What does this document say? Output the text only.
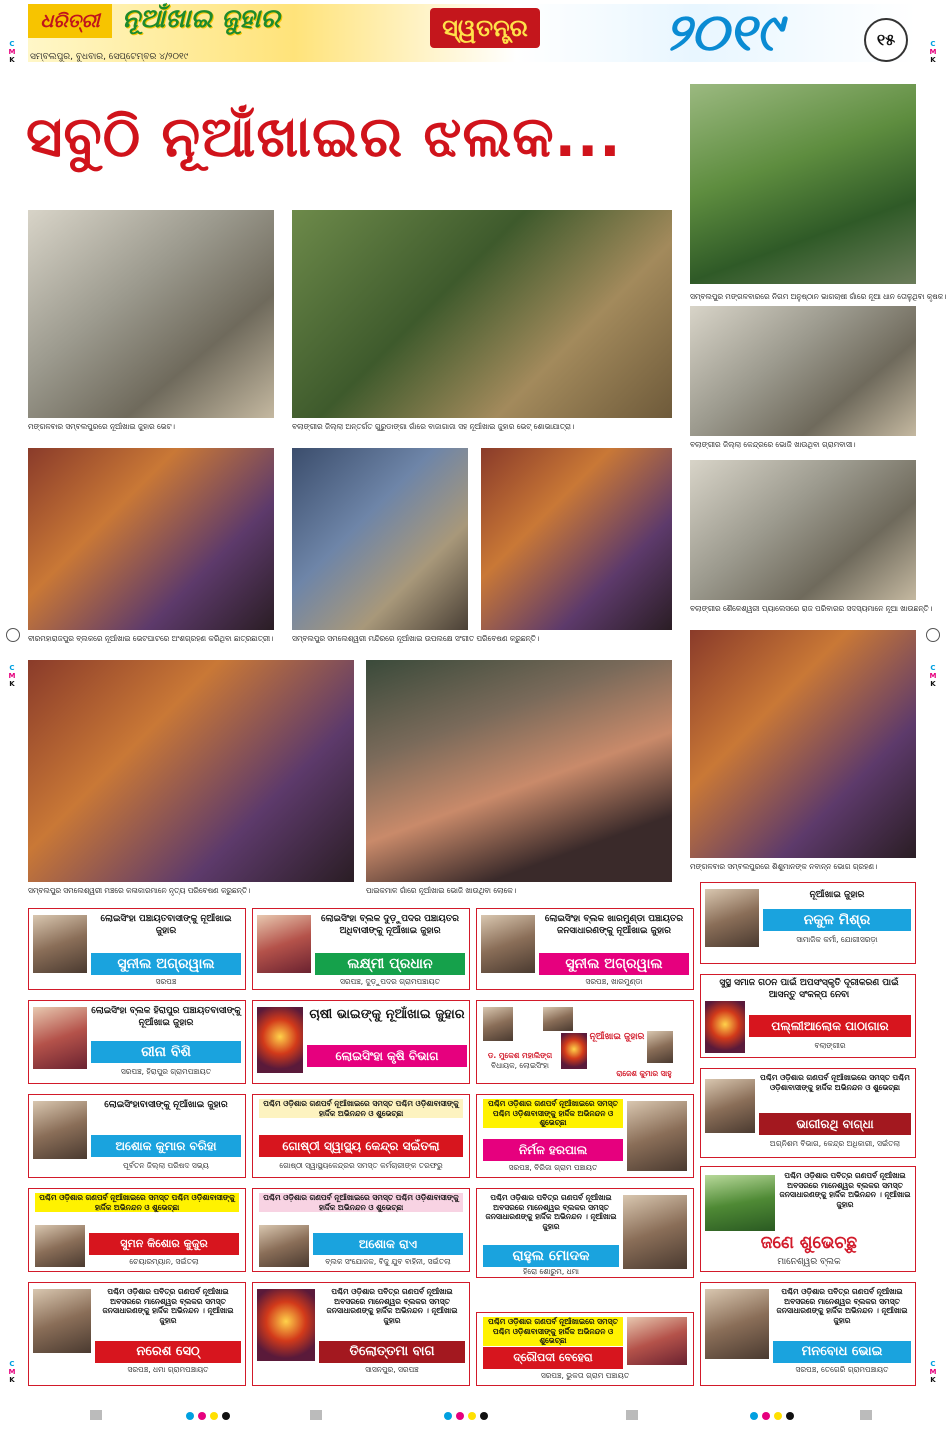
ଧରିତ୍ରୀ ନୂଆଁଖାଇ ଜୁହାର	ସ୍ୱତନ୍ତ୍ର	୨୦୧୯	୧୫
ସମ୍ବଲପୁର, ବୁଧବାର, ସେପ୍ଟେମ୍ବର ୪/୨୦୧୯
ସବୁଠି ନୂଆଁଖାଇର ଝଲକ...
ମଙ୍ଗଳବାର ସମ୍ବଲପୁରରେ ନୂଆଁଖାଇ ଜୁହାର ଭେଟ।	ବଲାଙ୍ଗୀର ଜିଲ୍ଲା ଅନ୍ତର୍ଗତ ଗୁରୁଡାଙ୍ଗା ଗାଁରେ ବାଜାଗାଜା ସହ ନୂଆଁଖାଇ ଜୁହାର ଭେଟ୍ ଶୋଭାଯାତ୍ରା।
ସମ୍ବଲପୁର ମଙ୍ଗଳବାରରେ ନିଗମ ଅନୁଷ୍ଠାନ ଭାଗଚାଷୀ ଗାଁରେ ନୂଆ ଧାନ ତୋଳୁଥିବା କୃଷକ।
ବଲାଙ୍ଗୀର ଜିଲ୍ଲା କେନ୍ଦ୍ରରେ ଭୋଜି ଖାଉଥିବା ଗ୍ରାମବାସୀ।
ବୀରମହାରାଜପୁର ବ୍ଲକରେ ନୂଆଁଖାଇ ଭେଟଘାଟରେ ଅଂଶଗ୍ରହଣ କରିଥିବା ଛାତ୍ରଛାତ୍ରୀ।	ସମ୍ବଲପୁର ସମଲେଶ୍ୱରୀ ମନ୍ଦିରରେ ନୂଆଁଖାଇ ଉପଲକ୍ଷେ ସଂଗୀତ ପରିବେଷଣ କରୁଛନ୍ତି।
ବଲାଙ୍ଗୀର ଶୈଳେଶ୍ୱରୀ ପ୍ୟାଲେସରେ ରାଜ ପରିବାରର ସଦସ୍ୟମାନେ ନୂଆ ଖାଉଛନ୍ତି।
ସମ୍ବଲପୁର ସମଲେଶ୍ୱରୀ ମଞ୍ଚରେ କଳାକାରମାନେ ନୃତ୍ୟ ପରିବେଷଣ କରୁଛନ୍ତି।	ପାଇକମାଳ ଗାଁରେ ନୂଆଁଖାଇ ଭୋଜି ଖାଉଥିବା ଲୋକେ।
ମଙ୍ଗଳବାର ସମ୍ବଲପୁରରେ ଶିଶୁମାନଙ୍କ ନବାନ୍ନ ଭୋଗ ଗ୍ରହଣ।
ଲୋଇସିଂହା ପଞ୍ଚାୟତବାସୀଙ୍କୁ ନୂଆଁଖାଇ ଜୁହାର
ସୁନୀଲ ଅଗ୍ରୱାଲ
ସରପଞ୍ଚ
ଲୋଇସିଂହା ବ୍ଲକ ଦୁଡ଼ୁପଦର ପଞ୍ଚାୟତର ଅଧିବାସୀଙ୍କୁ ନୂଆଁଖାଇ ଜୁହାର
ଲକ୍ଷ୍ମୀ ପ୍ରଧାନ
ସରପଞ୍ଚ, ଦୁଡ଼ୁପଦର ଗ୍ରାମପଞ୍ଚାୟତ
ଲୋଇସିଂହା ବ୍ଲକ ଖାରମୁଣ୍ଡା ପଞ୍ଚାୟତର ଜନସାଧାରଣଙ୍କୁ ନୂଆଁଖାଇ ଜୁହାର
ସୁନୀଲ ଅଗ୍ରୱାଲ
ସରପଞ୍ଚ, ଖାରମୁଣ୍ଡା
ନୂଆଁଖାଇ ଜୁହାର
ନକୁଳ ମିଶ୍ର
ସାମାଜିକ କର୍ମୀ, ଯୋଗୀସରଡ଼ା
ଲୋଇସିଂହା ବ୍ଲକ ହିରାପୁର ପଞ୍ଚାୟତବାସୀଙ୍କୁ ନୂଆଁଖାଇ ଜୁହାର
ରୀନା ବିଶି
ସରପଞ୍ଚ, ହିରାପୁର ଗ୍ରାମପଞ୍ଚାୟତ
ଚାଷୀ ଭାଇଙ୍କୁ ନୂଆଁଖାଇ ଜୁହାର
ଲୋଇସିଂହା କୃଷି ବିଭାଗ
ନୂଆଁଖାଇ ଜୁହାର
ଡ. ମୁକେଶ ମହାଲିଙ୍ଗ
ବିଧାୟକ, ଲୋଇସିଂହା
ରାଜେଶ କୁମାର ସାହୁ
ସୁସ୍ଥ ସମାଜ ଗଠନ ପାଇଁ ଅପସଂସ୍କୃତି ଦୂରୀକରଣ ପାଇଁ ଆସନ୍ତୁ ସଂକଳ୍ପ ନେବା
ପଲ୍ଲୀଆଲୋକ ପାଠାଗାର
ବଲାଙ୍ଗୀର
ଲୋଇସିଂହାବାସୀଙ୍କୁ ନୂଆଁଖାଇ ଜୁହାର
ଅଶୋକ କୁମାର ବରିହା
ପୂର୍ବତନ ଜିଲ୍ଲା ପରିଷଦ ସଭ୍ୟ
ପଶ୍ଚିମ ଓଡ଼ିଶାର ଗଣପର୍ବ ନୂଆଁଖାଇରେ ସମସ୍ତ ପଶ୍ଚିମ ଓଡ଼ିଶାବାସୀଙ୍କୁ ହାର୍ଦ୍ଦିକ ଅଭିନନ୍ଦନ ଓ ଶୁଭେଚ୍ଛା
ଗୋଷ୍ଠୀ ସ୍ୱାସ୍ଥ୍ୟ କେନ୍ଦ୍ର ସଇଁତଲା
ଗୋଷ୍ଠୀ ସ୍ୱାସ୍ଥ୍ୟକେନ୍ଦ୍ରର ସମସ୍ତ କର୍ମଚାରୀଙ୍କ ତରଫରୁ
ପଶ୍ଚିମ ଓଡ଼ିଶାର ଗଣପର୍ବ ନୂଆଁଖାଇରେ ସମସ୍ତ ପଶ୍ଚିମ ଓଡ଼ିଶାବାସୀଙ୍କୁ ହାର୍ଦ୍ଦିକ ଅଭିନନ୍ଦନ ଓ ଶୁଭେଚ୍ଛା
ନିର୍ମଳ ହରପାଲ
ସରପଞ୍ଚ, ବିରିଜା ଗ୍ରାମ ପଞ୍ଚାୟତ
ପଶ୍ଚିମ ଓଡ଼ିଶାର ଗଣପର୍ବ ନୂଆଁଖାଇରେ ସମସ୍ତ ପଶ୍ଚିମ ଓଡ଼ିଶାବାସୀଙ୍କୁ ହାର୍ଦ୍ଦିକ ଅଭିନନ୍ଦନ ଓ ଶୁଭେଚ୍ଛା
ଭାଗୀରଥି ବାଗ୍ଧା
ଅଗ୍ନିଶମ ବିଭାଗ, କେନ୍ଦ୍ର ଅଧିକାରୀ, ସଇଁତଲା
ପଶ୍ଚିମ ଓଡ଼ିଶାର ଗଣପର୍ବ ନୂଆଁଖାଇରେ ସମସ୍ତ ପଶ୍ଚିମ ଓଡ଼ିଶାବାସୀଙ୍କୁ ହାର୍ଦ୍ଦିକ ଅଭିନନ୍ଦନ ଓ ଶୁଭେଚ୍ଛା
ସୁମନ କିଶୋର କୁଜୁର
ଚେୟାରମ୍ୟାନ, ସଇଁତଲା
ପଶ୍ଚିମ ଓଡ଼ିଶାର ଗଣପର୍ବ ନୂଆଁଖାଇରେ ସମସ୍ତ ପଶ୍ଚିମ ଓଡ଼ିଶାବାସୀଙ୍କୁ ହାର୍ଦ୍ଦିକ ଅଭିନନ୍ଦନ ଓ ଶୁଭେଚ୍ଛା
ଅଶୋକ ରାଏ
ବ୍ଲକ ସଂଯୋଜକ, ବିଜୁ ଯୁବ ବାହିନୀ, ସଇଁତଲା
ପଶ୍ଚିମ ଓଡ଼ିଶାର ପବିତ୍ର ଗଣପର୍ବ ନୂଆଁଖାଇ ଅବସରରେ ମାନେଶ୍ୱର ବ୍ଲକର ସମସ୍ତ ଜନସାଧାରଣଙ୍କୁ ହାର୍ଦ୍ଦିକ ଅଭିନନ୍ଦନ । ନୂଆଁଖାଇ ଜୁହାର
ରାହୁଲ ମୋଦକ
ହିରୋ ଶୋରୁମ, ଧମା
ପଶ୍ଚିମ ଓଡ଼ିଶାର ପବିତ୍ର ଗଣପର୍ବ ନୂଆଁଖାଇ ଅବସରରେ ମାନେଶ୍ୱର ବ୍ଲକର ସମସ୍ତ ଜନସାଧାରଣଙ୍କୁ ହାର୍ଦ୍ଦିକ ଅଭିନନ୍ଦନ । ନୂଆଁଖାଇ ଜୁହାର
ଜଣେ ଶୁଭେଚ୍ଛୁ
ମାନେଶ୍ୱର ବ୍ଲକ
ପଶ୍ଚିମ ଓଡ଼ିଶାର ପବିତ୍ର ଗଣପର୍ବ ନୂଆଁଖାଇ ଅବସରରେ ମାନେଶ୍ୱର ବ୍ଲକର ସମସ୍ତ ଜନସାଧାରଣଙ୍କୁ ହାର୍ଦ୍ଦିକ ଅଭିନନ୍ଦନ । ନୂଆଁଖାଇ ଜୁହାର
ନରେଶ ସେଠ୍
ସରପଞ୍ଚ, ଧମା ଗ୍ରାମପଞ୍ଚାୟତ
ପଶ୍ଚିମ ଓଡ଼ିଶାର ପବିତ୍ର ଗଣପର୍ବ ନୂଆଁଖାଇ ଅବସରରେ ମାନେଶ୍ୱର ବ୍ଲକର ସମସ୍ତ ଜନସାଧାରଣଙ୍କୁ ହାର୍ଦ୍ଦିକ ଅଭିନନ୍ଦନ । ନୂଆଁଖାଇ ଜୁହାର
ତିଲୋତ୍ତମା ବାଗ
ସାସନପୁର, ସରପଞ୍ଚ
ପଶ୍ଚିମ ଓଡ଼ିଶାର ଗଣପର୍ବ ନୂଆଁଖାଇରେ ସମସ୍ତ ପଶ୍ଚିମ ଓଡ଼ିଶାବାସୀଙ୍କୁ ହାର୍ଦ୍ଦିକ ଅଭିନନ୍ଦନ ଓ ଶୁଭେଚ୍ଛା
ଦ୍ରୌପଦୀ ବେହେରା
ସରପଞ୍ଚ, ଭୁକତା ଗ୍ରାମ ପଞ୍ଚାୟତ
ପଶ୍ଚିମ ଓଡ଼ିଶାର ପବିତ୍ର ଗଣପର୍ବ ନୂଆଁଖାଇ ଅବସରରେ ମାନେଶ୍ୱର ବ୍ଲକର ସମସ୍ତ ଜନସାଧାରଣଙ୍କୁ ହାର୍ଦ୍ଦିକ ଅଭିନନ୍ଦନ । ନୂଆଁଖାଇ ଜୁହାର
ମନବୋଧ ଭୋଇ
ସରପଞ୍ଚ, ତେଗେରି ଗ୍ରାମପଞ୍ଚାୟତ
C
M
K
C
M
K
C
M
K
C
M
K
C
M
K
C
M
K
